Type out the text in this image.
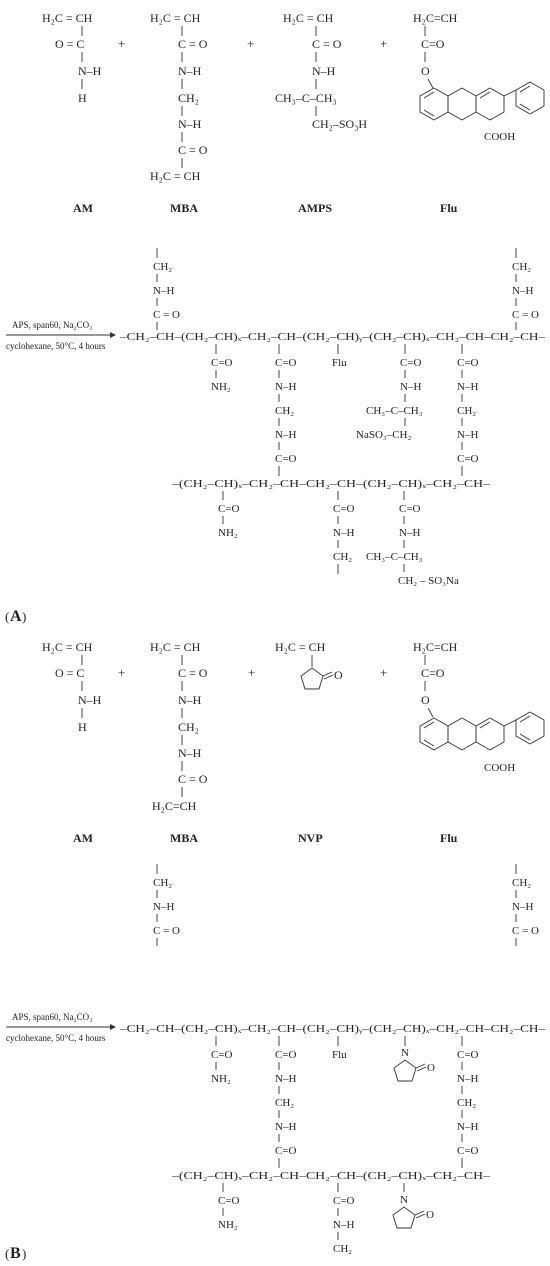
H₂C = CH
O = C
N–H
H
AM
+
H₂C = CH
C = O
N–H
CH₂
N–H
C = O
H₂C = CH
MBA
+
H₂C = CH
C = O
N–H
CH₃–C–CH₃
CH₂–SO₃H
AMPS
+
H₂C=CH
C=O
O
COOH
Flu
APS, span60, Na₂CO₃
cyclohexane, 50°C, 4 hours
CH₂
N–H
C = O
CH₂
N–H
C = O
–CH₂–CH–(CH₂–CH)ₓ–CH₂–CH–(CH₂–CH)ᵧ–(CH₂–CH)ₓ–CH₂–CH–CH₂–CH–
C=O
NH₂
C=O
N–H
CH₂
N–H
C=O
Flu	C=O
N–H
CH₃–C–CH₃
NaSO₃–CH₂
C=O
N–H
CH₂
N–H
C=O
–(CH₂–CH)ₓ–CH₂–CH–CH₂–CH–(CH₂–CH)ₓ–CH₂–CH–
C=O
NH₂
C=O
N–H
CH₂
C=O
N–H
CH₃–C–CH₃
CH₂ – SO₃Na
( A )
H₂C = CH
O = C
N–H
H
AM
+
H₂C = CH
C = O
N–H
CH₂
N–H
C = O
H₂C=CH
MBA
+
H₂C = CH
O
NVP
+
H₂C=CH
C=O
O
COOH
Flu
APS, span60, Na₂CO₃
cyclohexane, 50°C, 4 hours
CH₂
N–H
C = O
CH₂
N–H
C = O
–CH₂–CH–(CH₂–CH)ₓ–CH₂–CH–(CH₂–CH)ᵧ–(CH₂–CH)ₓ–CH₂–CH–CH₂–CH–
C=O
NH₂
C=O
N–H
CH₂
N–H
C=O
Flu	N
O
C=O
N–H
CH₂
N–H
C=O
–(CH₂–CH)ₓ–CH₂–CH–CH₂–CH–(CH₂–CH)ₓ–CH₂–CH–
C=O
NH₂
C=O
N–H
CH₂
N
O
( B )
